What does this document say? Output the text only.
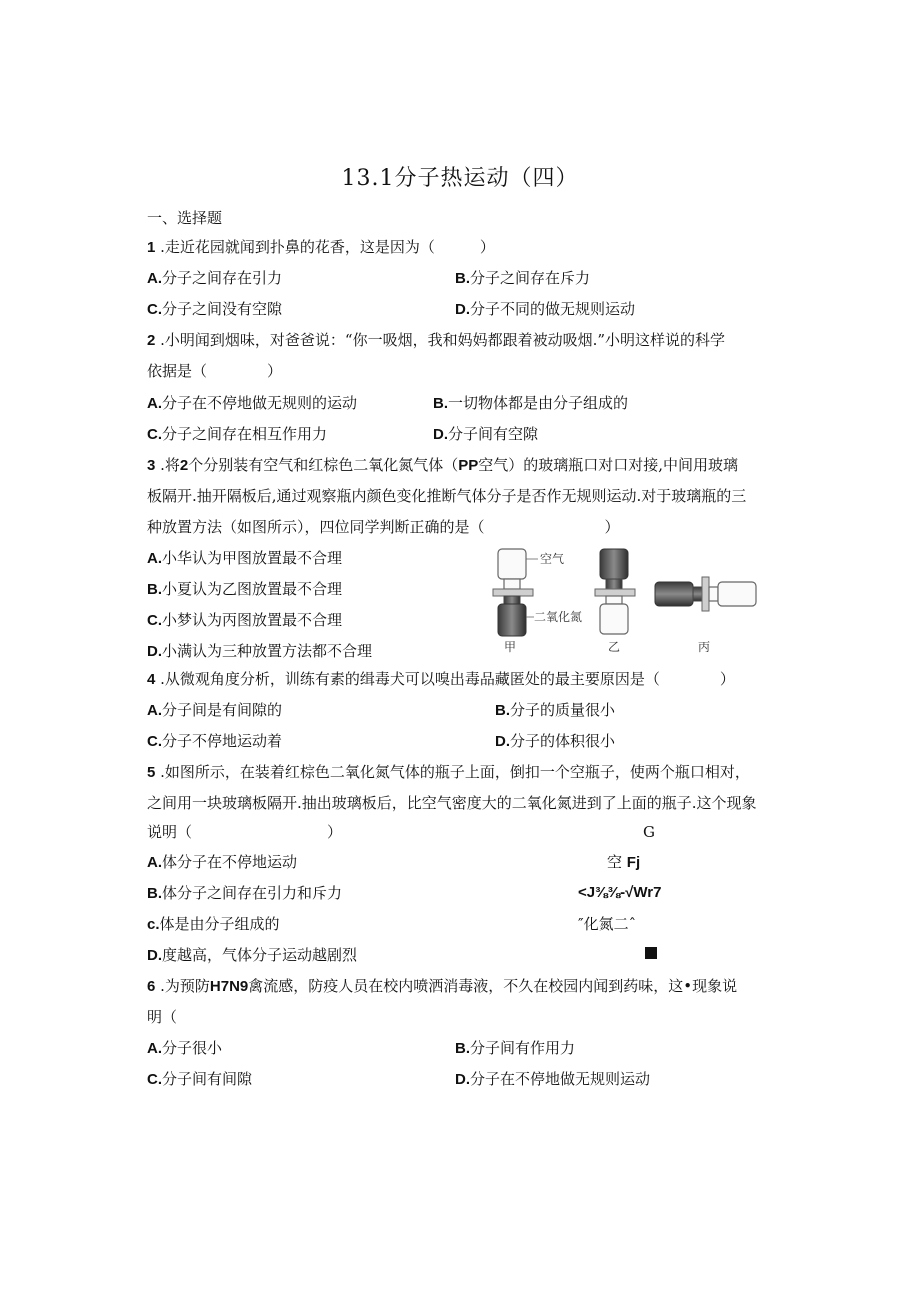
13.1分子热运动（四）
一、选择题
1 .走近花园就闻到扑鼻的花香，这是因为（　　　）
A.分子之间存在引力	B.分子之间存在斥力
C.分子之间没有空隙	D.分子不同的做无规则运动
2 .小明闻到烟味，对爸爸说：“你一吸烟，我和妈妈都跟着被动吸烟.”小明这样说的科学
依据是（　　　　）
A.分子在不停地做无规则的运动	B.一切物体都是由分子组成的
C.分子之间存在相互作用力	D.分子间有空隙
3 .将2个分别装有空气和红棕色二氧化氮气体（PP空气）的玻璃瓶口对口对接,中间用玻璃
板隔开.抽开隔板后,通过观察瓶内颜色变化推断气体分子是否作无规则运动.对于玻璃瓶的三
种放置方法（如图所示），四位同学判断正确的是（　　　　　　　　）
A.小华认为甲图放置最不合理
B.小夏认为乙图放置最不合理
C.小梦认为丙图放置最不合理
D.小满认为三种放置方法都不合理
空气
二氧化氮
甲	乙	丙
4 .从微观角度分析，训练有素的缉毒犬可以嗅出毒品藏匿处的最主要原因是（　　　　）
A.分子间是有间隙的	B.分子的质量很小
C.分子不停地运动着	D.分子的体积很小
5 .如图所示，在装着红棕色二氧化氮气体的瓶子上面，倒扣一个空瓶子，使两个瓶口相对，
之间用一块玻璃板隔开.抽出玻璃板后，比空气密度大的二氧化氮进到了上面的瓶子.这个现象
说明（　　　　　　　　　）	G
A.体分子在不停地运动	空 Fj
B.体分子之间存在引力和斥力	<J⅜⅜-√Wr7
c.体是由分子组成的	″化氮二ˆ
D.度越高，气体分子运动越剧烈
6 .为预防H7N9禽流感，防疫人员在校内喷洒消毒液，不久在校园内闻到药味，这•现象说
明（
A.分子很小	B.分子间有作用力
C.分子间有间隙	D.分子在不停地做无规则运动
